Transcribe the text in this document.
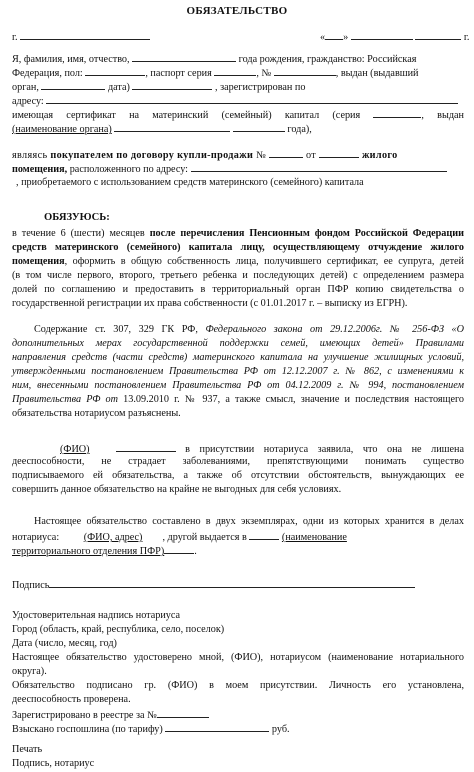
ОБЯЗАТЕЛЬСТВО
г.	« »	г.
Я, фамилия, имя, отчество,	года рождения, гражданство: Российская
Федерация, пол:	, паспорт серия	, №	, выдан (выдавший
орган,	дата)	, зарегистрирован по
адресу:
имеющая сертификат на материнский (семейный) капитал (серия	, выдан
(наименование органа)	года),
являясь покупателем по договору купли-продажи №	от	жилого
помещения, расположенного по адресу:
, приобретаемого с использованием средств материнского (семейного) капитала
ОБЯЗУЮСЬ:
в течение 6 (шести) месяцев после перечисления Пенсионным фондом Российской Федерации
средств материнского (семейного) капитала лицу, осуществляющему отчуждение жилого
помещения, оформить в общую собственность лица, получившего сертификат, ее супруга, детей
(в том числе первого, второго, третьего ребенка и последующих детей) с определением размера
долей по соглашению и предоставить в территориальный орган ПФР копию свидетельства о
государственной регистрации их права собственности (с 01.01.2017 г. – выписку из ЕГРН).
Содержание ст. 307, 329 ГК РФ, Федерального закона от 29.12.2006г. № 256-ФЗ «О
дополнительных мерах государственной поддержки семей, имеющих детей» Правилами
направления средств (части средств) материнского капитала на улучшение жилищных условий,
утвержденными постановлением Правительства РФ от 12.12.2007 г. № 862, с изменениями к
ним, внесенными постановлением Правительства РФ от 04.12.2009 г. № 994, постановлением
Правительства РФ от 13.09.2010 г. № 937, а также смысл, значение и последствия настоящего
обязательства нотариусом разъяснены.
(ФИО)	в присутствии нотариуса заявила, что она не лишена
дееспособности, не страдает заболеваниями, препятствующими понимать существо
подписываемого ей обязательства, а также об отсутствии обстоятельств, вынуждающих ее
совершить данное обязательство на крайне не выгодных для себя условиях.
Настоящее обязательство составлено в двух экземплярах, одни из которых хранится в делах
нотариуса: (ФИО, адрес) , другой выдается в	(наименование
территориального отделения ПФР)	.
Подпись
Удостоверительная надпись нотариуса
Город (область, край, республика, село, поселок)
Дата (число, месяц, год)
Настоящее обязательство удостоверено мной, (ФИО), нотариусом (наименование нотариального
округа).
Обязательство подписано гр. (ФИО) в моем присутствии. Личность его установлена,
дееспособность проверена.
Зарегистрировано в реестре за №
Взыскано госпошлина (по тарифу)	руб.
Печать
Подпись, нотариус
